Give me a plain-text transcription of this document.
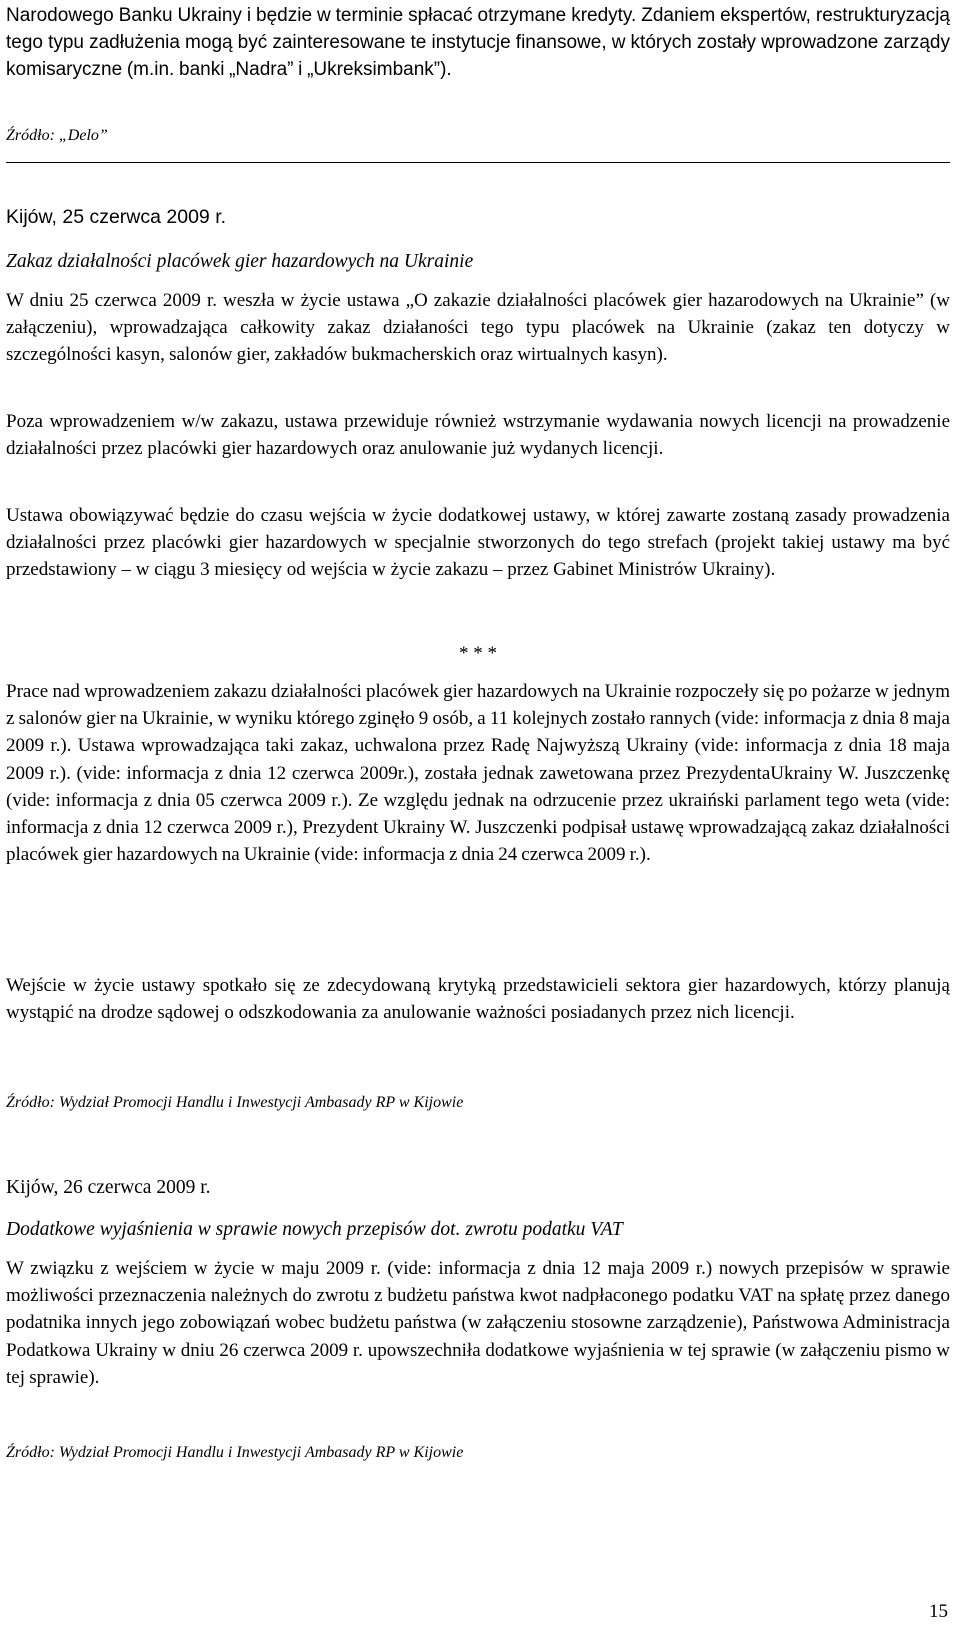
Narodowego Banku Ukrainy i będzie w terminie spłacać otrzymane kredyty. Zdaniem ekspertów, restrukturyzacją tego typu zadłużenia mogą być zainteresowane te instytucje finansowe, w których zostały wprowadzone zarządy komisaryczne (m.in. banki „Nadra” i „Ukreksimbank”).

Źródło: „Delo”

Kijów, 25 czerwca 2009 r.

Zakaz działalności placówek gier hazardowych na Ukrainie

W dniu 25 czerwca 2009 r. weszła w życie ustawa „O zakazie działalności placówek gier hazarodowych na Ukrainie” (w załączeniu), wprowadzająca całkowity zakaz działaności tego typu placówek na Ukrainie (zakaz ten dotyczy w szczególności kasyn, salonów gier, zakładów bukmacherskich oraz wirtualnych kasyn).

Poza wprowadzeniem w/w zakazu, ustawa przewiduje również wstrzymanie wydawania nowych licencji na prowadzenie działalności przez placówki gier hazardowych oraz anulowanie już wydanych licencji.

Ustawa obowiązywać będzie do czasu wejścia w życie dodatkowej ustawy, w której zawarte zostaną zasady prowadzenia działalności przez placówki gier hazardowych w specjalnie stworzonych do tego strefach (projekt takiej ustawy ma być przedstawiony – w ciągu 3 miesięcy od wejścia w życie zakazu – przez Gabinet Ministrów Ukrainy).

* * *

Prace nad wprowadzeniem zakazu działalności placówek gier hazardowych na Ukrainie rozpoczeły się po pożarze w jednym z salonów gier na Ukrainie, w wyniku którego zginęło 9 osób, a 11 kolejnych zostało rannych (vide: informacja z dnia 8 maja 2009 r.). Ustawa wprowadzająca taki zakaz, uchwalona przez Radę Najwyższą Ukrainy (vide: informacja z dnia 18 maja 2009 r.). (vide: informacja z dnia 12 czerwca 2009r.), została jednak zawetowana przez PrezydentaUkrainy W. Juszczenkę (vide: informacja z dnia 05 czerwca 2009 r.). Ze względu jednak na odrzucenie przez ukraiński parlament tego weta (vide: informacja z dnia 12 czerwca 2009 r.), Prezydent Ukrainy W. Juszczenki podpisał ustawę wprowadzającą zakaz działalności placówek gier hazardowych na Ukrainie (vide: informacja z dnia 24 czerwca 2009 r.).

Wejście w życie ustawy spotkało się ze zdecydowaną krytyką przedstawicieli sektora gier hazardowych, którzy planują wystąpić na drodze sądowej o odszkodowania za anulowanie ważności posiadanych przez nich licencji.

Źródło: Wydział Promocji Handlu i Inwestycji Ambasady RP w Kijowie

Kijów, 26 czerwca 2009 r.

Dodatkowe wyjaśnienia w sprawie nowych przepisów dot. zwrotu podatku VAT

W związku z wejściem w życie w maju 2009 r. (vide: informacja z dnia 12 maja 2009 r.) nowych przepisów w sprawie możliwości przeznaczenia należnych do zwrotu z budżetu państwa kwot nadpłaconego podatku VAT na spłatę przez danego podatnika innych jego zobowiązań wobec budżetu państwa (w załączeniu stosowne zarządzenie), Państwowa Administracja Podatkowa Ukrainy w dniu 26 czerwca 2009 r. upowszechniła dodatkowe wyjaśnienia w tej sprawie (w załączeniu pismo w tej sprawie).

Źródło: Wydział Promocji Handlu i Inwestycji Ambasady RP w Kijowie

15
